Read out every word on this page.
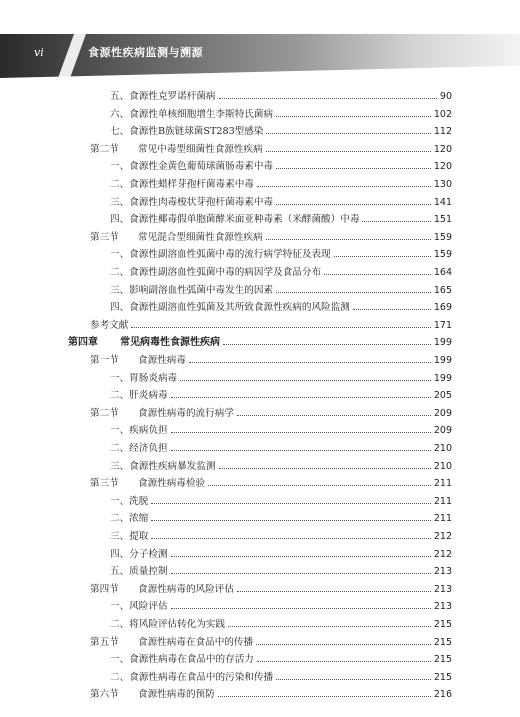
vi	食源性疾病监测与溯源
五、食源性克罗诺杆菌病	90
六、食源性单核细胞增生李斯特氏菌病	102
七、食源性B族链球菌ST283型感染	112
第二节 常见中毒型细菌性食源性疾病	120
一、食源性金黄色葡萄球菌肠毒素中毒	120
二、食源性蜡样芽孢杆菌毒素中毒	130
三、食源性肉毒梭状芽孢杆菌毒素中毒	141
四、食源性椰毒假单胞菌酵米面亚种毒素（米酵菌酸）中毒	151
第三节 常见混合型细菌性食源性疾病	159
一、食源性副溶血性弧菌中毒的流行病学特征及表现	159
二、食源性副溶血性弧菌中毒的病因学及食品分布	164
三、影响副溶血性弧菌中毒发生的因素	165
四、食源性副溶血性弧菌及其所致食源性疾病的风险监测	169
参考文献	171
第四章 常见病毒性食源性疾病	199
第一节 食源性病毒	199
一、胃肠炎病毒	199
二、肝炎病毒	205
第二节 食源性病毒的流行病学	209
一、疾病负担	209
二、经济负担	210
三、食源性疾病暴发监测	210
第三节 食源性病毒检验	211
一、洗脱	211
二、浓缩	211
三、提取	212
四、分子检测	212
五、质量控制	213
第四节 食源性病毒的风险评估	213
一、风险评估	213
二、将风险评估转化为实践	215
第五节 食源性病毒在食品中的传播	215
一、食源性病毒在食品中的存活力	215
二、食源性病毒在食品中的污染和传播	215
第六节 食源性病毒的预防	216
